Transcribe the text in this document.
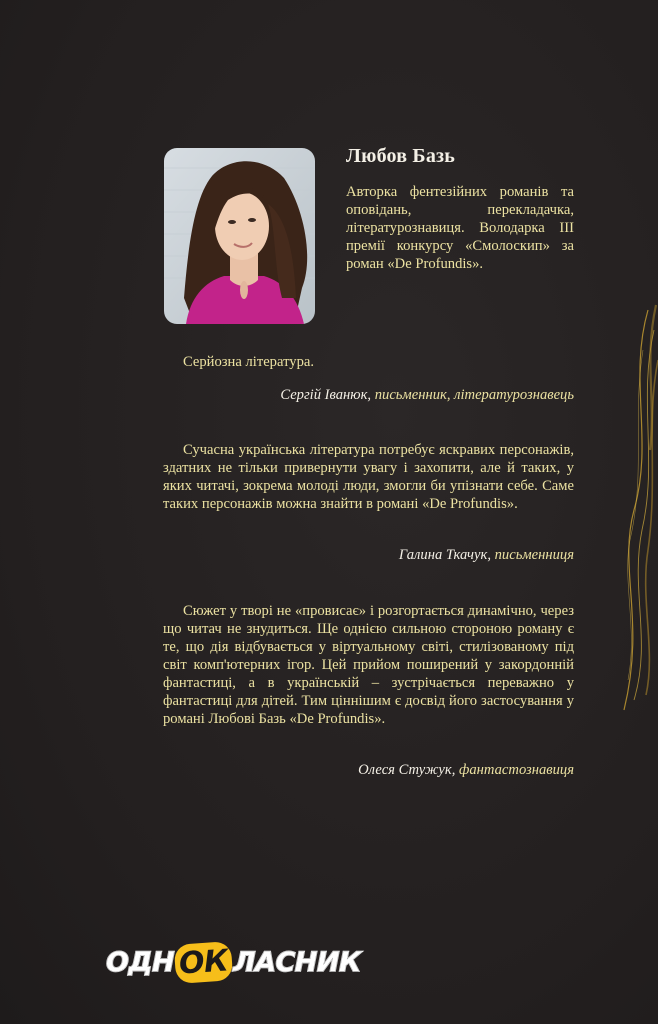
Любов Базь
Авторка фентезійних романів та оповідань, перекладачка, літературознавиця. Володарка ІІІ премії конкурсу «Смолоскип» за роман «De Profundis».

Серйозна література.

Сергій Іванюк, письменник, літературознавець

Сучасна українська література потребує яскравих персонажів, здатних не тільки привернути увагу і захопити, але й таких, у яких читачі, зокрема молоді люди, змогли би упізнати себе. Саме таких персонажів можна знайти в романі «De Profundis».

Галина Ткачук, письменниця

Сюжет у творі не «провисає» і розгортається динамічно, через що читач не знудиться. Ще однією сильною стороною роману є те, що дія відбувається у віртуальному світі, стилізованому під світ комп'ютерних ігор. Цей прийом поширений у закордонній фантастиці, а в українській – зустрічається переважно у фантастиці для дітей. Тим ціннішим є досвід його застосування у романі Любові Базь «De Profundis».

Олеся Стужук, фантастознавиця
ОДН ОК ЛАСНИК
